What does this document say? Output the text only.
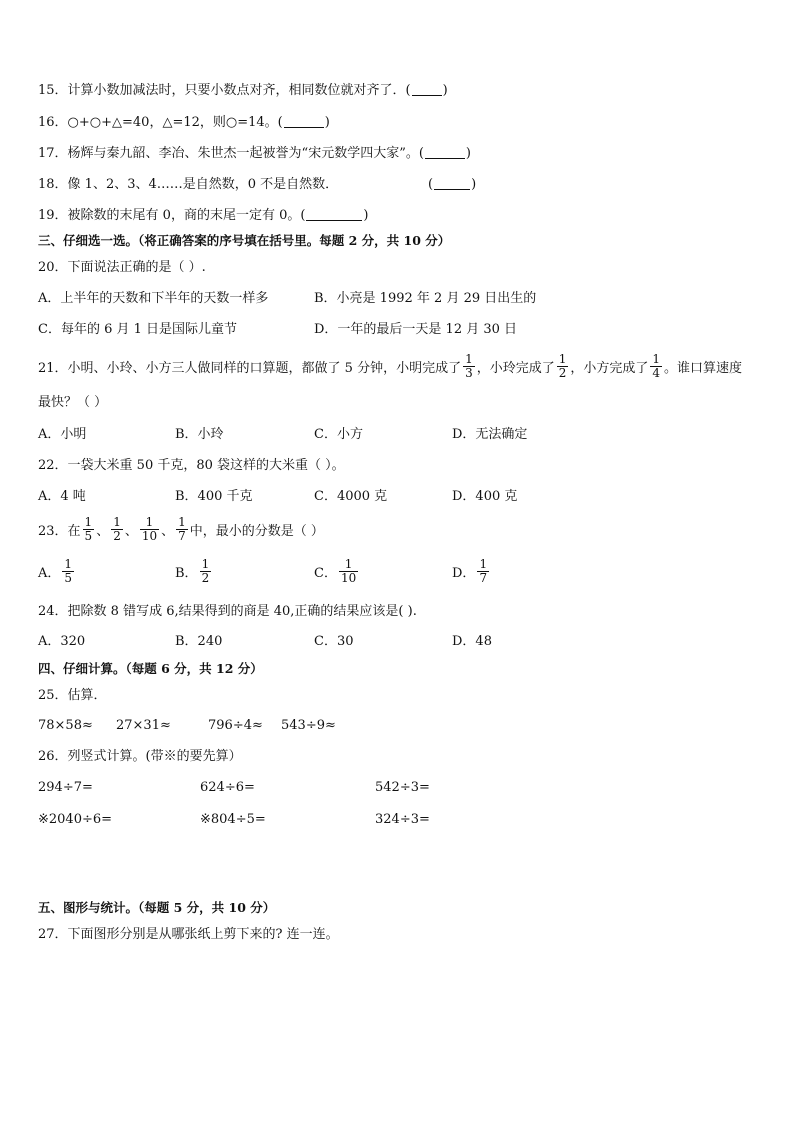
15．计算小数加减法时，只要小数点对齐，相同数位就对齐了．( )
16．○+○+△=40，△=12，则○=14。(	)
17．杨辉与秦九韶、李冶、朱世杰一起被誉为“宋元数学四大家”。(	)
18．像 1、2、3、4……是自然数，0 不是自然数．	(	)
19．被除数的末尾有 0，商的末尾一定有 0。(	)
三、仔细选一选。（将正确答案的序号填在括号里。每题 2 分，共 10 分）
20．下面说法正确的是（ ）.
A．上半年的天数和下半年的天数一样多	B．小亮是 1992 年 2 月 29 日出生的
C．每年的 6 月 1 日是国际儿童节	D．一年的最后一天是 12 月 30 日
21．小明、小玲、小方三人做同样的口算题，都做了 5 分钟，小明完成了 $\frac{1}{3}$ ，小玲完成了 $\frac{1}{2}$ ，小方完成了 $\frac{1}{4}$ 。谁口算速度
最快？（ ）
A．小明	B．小玲	C．小方	D．无法确定
22．一袋大米重 50 千克，80 袋这样的大米重（ ）。
A．4 吨	B．400 千克	C．4000 克	D．400 克
23．在 $\frac{1}{5}$ 、 $\frac{1}{2}$ 、 $\frac{1}{10}$ 、 $\frac{1}{7}$ 中，最小的分数是（ ）
A． $\frac{1}{5}$	B． $\frac{1}{2}$	C． $\frac{1}{10}$	D． $\frac{1}{7}$
24．把除数 8 错写成 6,结果得到的商是 40,正确的结果应该是( ).
A．320	B．240	C．30	D．48
四、仔细计算。（每题 6 分，共 12 分）
25．估算．
78×58≈ 27×31≈	796÷4≈ 543÷9≈
26．列竖式计算。(带※的要先算）
294÷7=	624÷6=	542÷3=
※2040÷6=	※804÷5=	324÷3=
五、图形与统计。（每题 5 分，共 10 分）
27．下面图形分别是从哪张纸上剪下来的? 连一连。
